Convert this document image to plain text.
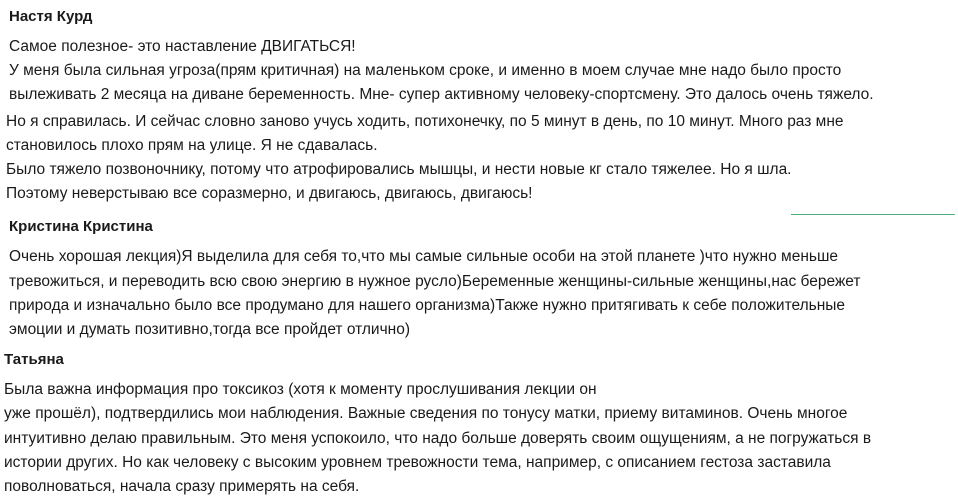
Настя Курд
Самое полезное- это наставление ДВИГАТЬСЯ!
У меня была сильная угроза(прям критичная) на маленьком сроке, и именно в моем случае мне надо было просто
вылеживать 2 месяца на диване беременность. Мне- супер активному человеку-спортсмену. Это далось очень тяжело.
Но я справилась. И сейчас словно заново учусь ходить, потихонечку, по 5 минут в день, по 10 минут. Много раз мне
становилось плохо прям на улице. Я не сдавалась.
Было тяжело позвоночнику, потому что атрофировались мышцы, и нести новые кг стало тяжелее. Но я шла.
Поэтому неверстываю все соразмерно, и двигаюсь, двигаюсь, двигаюсь!
Кристина Кристина
Очень хорошая лекция)Я выделила для себя то,что мы самые сильные особи на этой планете )что нужно меньше
тревожиться, и переводить всю свою энергию в нужное русло)Беременные женщины-сильные женщины,нас бережет
природа и изначально было все продумано для нашего организма)Также нужно притягивать к себе положительные
эмоции и думать позитивно,тогда все пройдет отлично)
Татьяна
Была важна информация про токсикоз (хотя к моменту прослушивания лекции он
уже прошёл), подтвердились мои наблюдения. Важные сведения по тонусу матки, приему витаминов. Очень многое
интуитивно делаю правильным. Это меня успокоило, что надо больше доверять своим ощущениям, а не погружаться в
истории других. Но как человеку с высоким уровнем тревожности тема, например, с описанием гестоза заставила
поволноваться, начала сразу примерять на себя.
